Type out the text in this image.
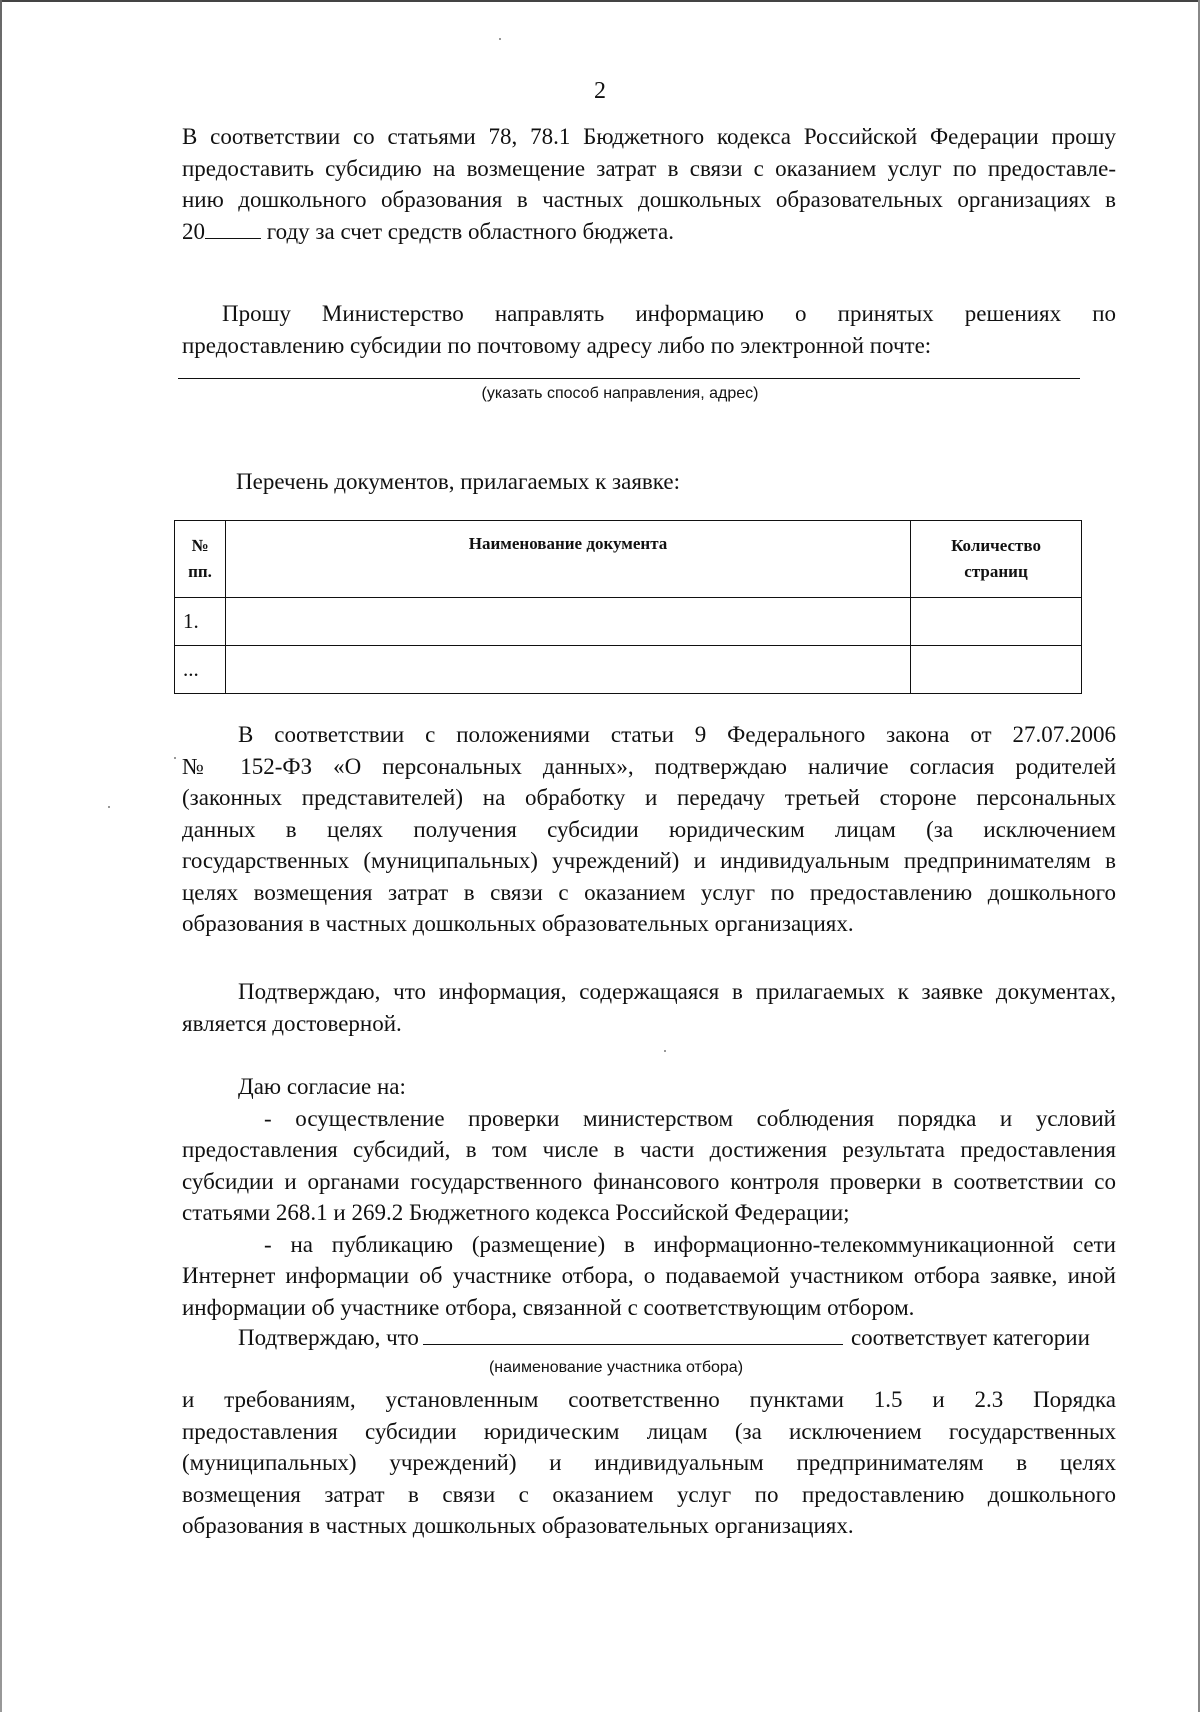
2
В соответствии со статьями 78, 78.1 Бюджетного кодекса Российской Федерации прошу
предоставить субсидию на возмещение затрат в связи с оказанием услуг по предоставле-
нию дошкольного образования в частных дошкольных образовательных организациях в
20 году за счет средств областного бюджета.
Прошу Министерство направлять информацию о принятых решениях по
предоставлению субсидии по почтовому адресу либо по электронной почте:
(указать способ направления, адрес)
Перечень документов, прилагаемых к заявке:
№ пп.	Наименование документа	Количество страниц
1.		
...		
В соответствии с положениями статьи 9 Федерального закона от 27.07.2006
№ 152-ФЗ «О персональных данных», подтверждаю наличие согласия родителей
(законных представителей) на обработку и передачу третьей стороне персональных
данных в целях получения субсидии юридическим лицам (за исключением
государственных (муниципальных) учреждений) и индивидуальным предпринимателям в
целях возмещения затрат в связи с оказанием услуг по предоставлению дошкольного
образования в частных дошкольных образовательных организациях.
Подтверждаю, что информация, содержащаяся в прилагаемых к заявке документах,
является достоверной.
Даю согласие на:
- осуществление проверки министерством соблюдения порядка и условий
предоставления субсидий, в том числе в части достижения результата предоставления
субсидии и органами государственного финансового контроля проверки в соответствии со
статьями 268.1 и 269.2 Бюджетного кодекса Российской Федерации;
- на публикацию (размещение) в информационно-телекоммуникационной сети
Интернет информации об участнике отбора, о подаваемой участником отбора заявке, иной
информации об участнике отбора, связанной с соответствующим отбором.
Подтверждаю, что	соответствует категории
(наименование участника отбора)
и требованиям, установленным соответственно пунктами 1.5 и 2.3 Порядка
предоставления субсидии юридическим лицам (за исключением государственных
(муниципальных) учреждений) и индивидуальным предпринимателям в целях
возмещения затрат в связи с оказанием услуг по предоставлению дошкольного
образования в частных дошкольных образовательных организациях.
